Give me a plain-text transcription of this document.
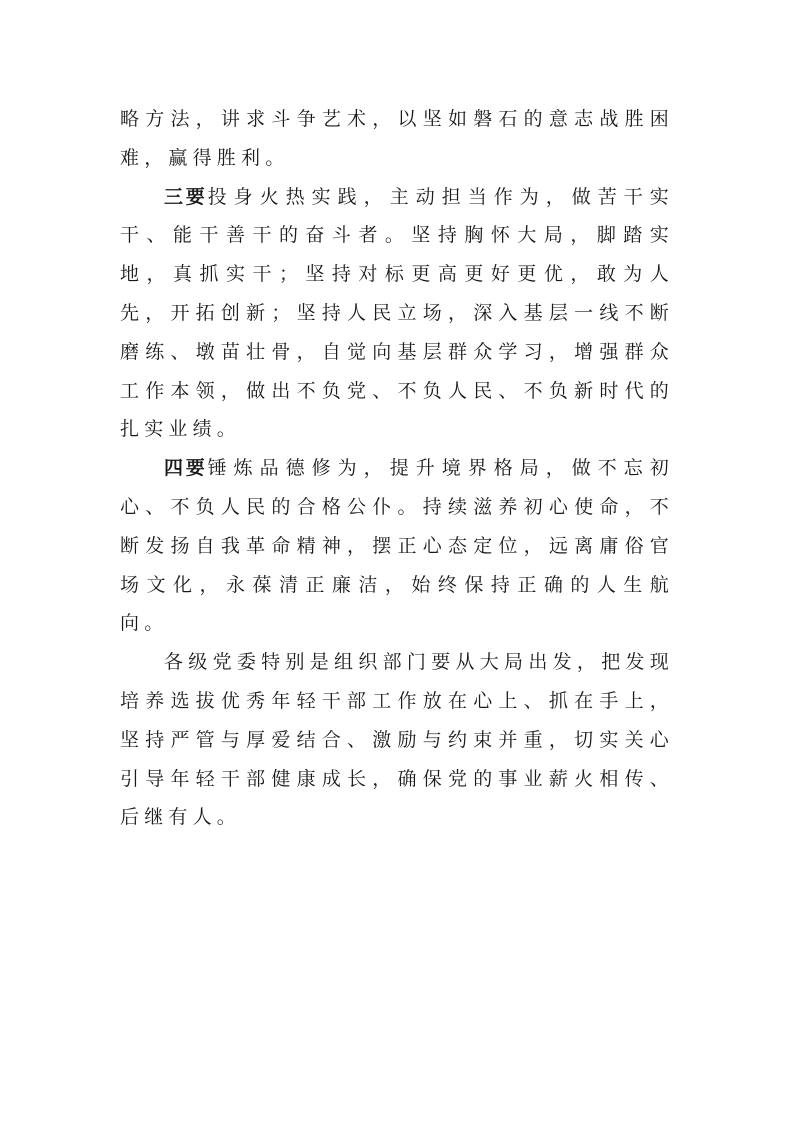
略方法，讲求斗争艺术，以坚如磐石的意志战胜困难，赢得胜利。

三要投身火热实践，主动担当作为，做苦干实干、能干善干的奋斗者。坚持胸怀大局，脚踏实地，真抓实干；坚持对标更高更好更优，敢为人先，开拓创新；坚持人民立场，深入基层一线不断磨练、墩苗壮骨，自觉向基层群众学习，增强群众工作本领，做出不负党、不负人民、不负新时代的扎实业绩。

四要锤炼品德修为，提升境界格局，做不忘初心、不负人民的合格公仆。持续滋养初心使命，不断发扬自我革命精神，摆正心态定位，远离庸俗官场文化，永葆清正廉洁，始终保持正确的人生航向。

各级党委特别是组织部门要从大局出发，把发现培养选拔优秀年轻干部工作放在心上、抓在手上，坚持严管与厚爱结合、激励与约束并重，切实关心引导年轻干部健康成长，确保党的事业薪火相传、后继有人。
